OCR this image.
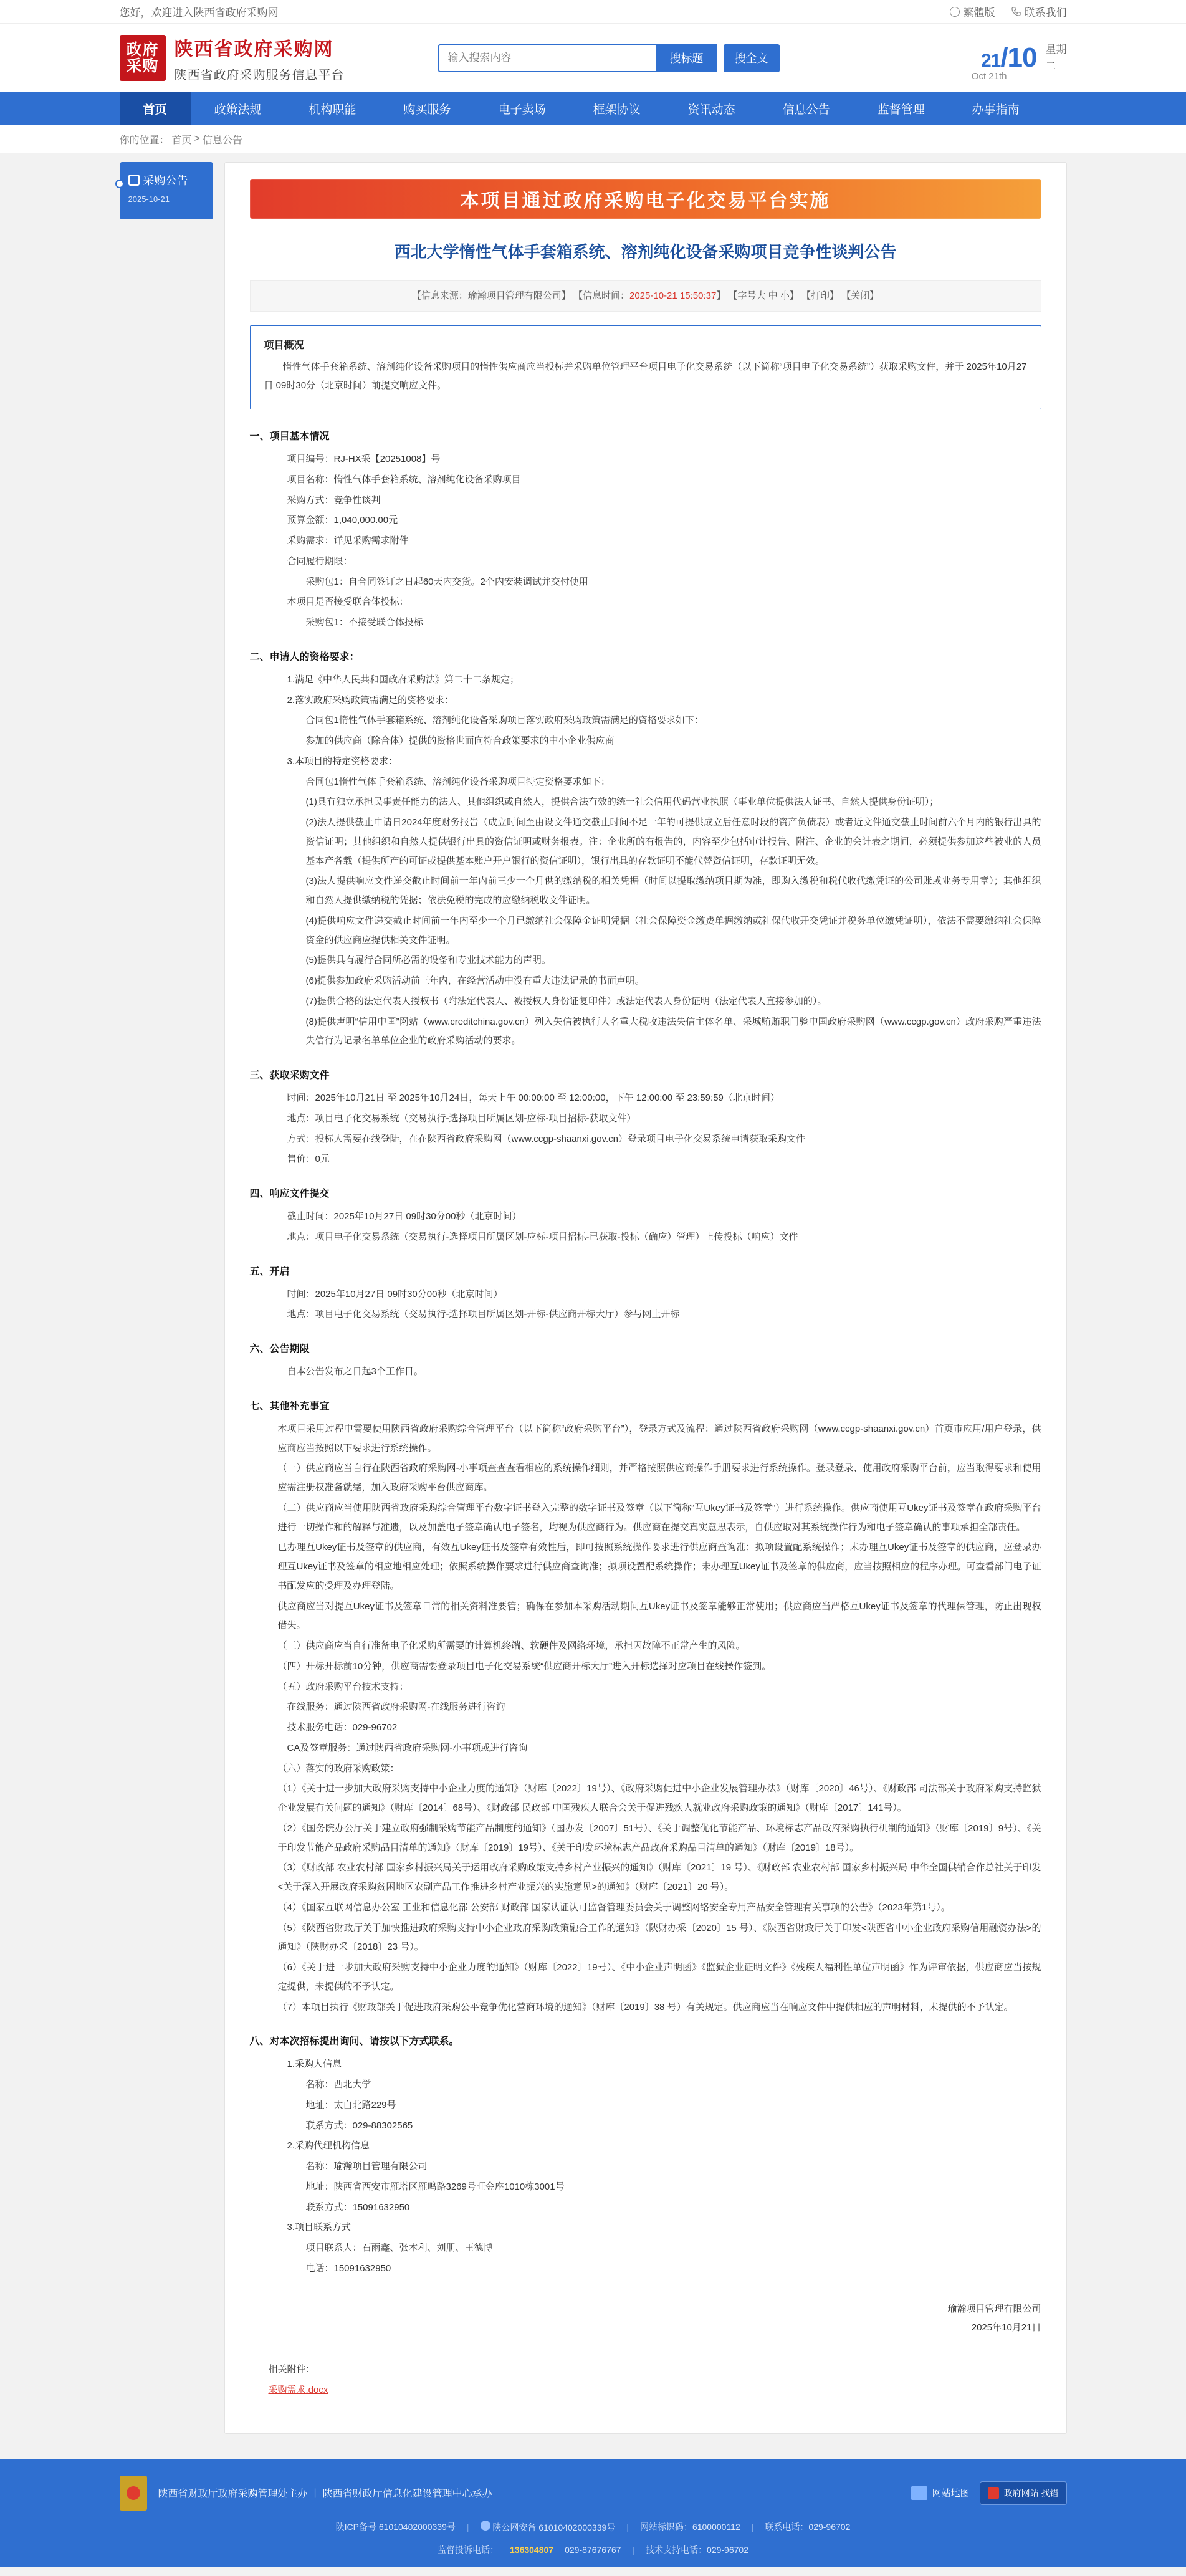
您好，欢迎进入陕西省政府采购网	繁體版	联系我们
政府
采购
陕西省政府采购网
陕西省政府采购服务信息平台
输入搜索内容
搜标题	搜全文	21/10 星期
二
Oct 21th
首页	政策法规	机构职能	购买服务	电子卖场	框架协议	资讯动态	信息公告	监督管理	办事指南
你的位置： 首页 > 信息公告
采购公告
2025-10-21	本项目通过政府采购电子化交易平台实施
西北大学惰性气体手套箱系统、溶剂纯化设备采购项目竞争性谈判公告
【信息来源：瑜瀚项目管理有限公司】 【信息时间：2025-10-21 15:50:37】 【字号大 中 小】 【打印】 【关闭】
项目概况

惰性气体手套箱系统、溶剂纯化设备采购项目的惰性供应商应当投标并采购单位管理平台项目电子化交易系统（以下简称“项目电子化交易系统”）获取采购文件，并于 2025年10月27日 09时30分（北京时间）前提交响应文件。

一、项目基本情况

项目编号：RJ-HX采【20251008】号

项目名称：惰性气体手套箱系统、溶剂纯化设备采购项目

采购方式：竞争性谈判

预算金额：1,040,000.00元

采购需求：详见采购需求附件

合同履行期限：

采购包1：自合同签订之日起60天内交货。2个内安装调试并交付使用

本项目是否接受联合体投标：

采购包1：不接受联合体投标

二、申请人的资格要求：

1.满足《中华人民共和国政府采购法》第二十二条规定；

2.落实政府采购政策需满足的资格要求：

合同包1惰性气体手套箱系统、溶剂纯化设备采购项目落实政府采购政策需满足的资格要求如下：

参加的供应商（除合体）提供的资格世面向符合政策要求的中小企业供应商

3.本项目的特定资格要求：

合同包1惰性气体手套箱系统、溶剂纯化设备采购项目特定资格要求如下：

(1)具有独立承担民事责任能力的法人、其他组织或自然人，提供合法有效的统一社会信用代码营业执照（事业单位提供法人证书、自然人提供身份证明）；

(2)法人提供截止申请日2024年度财务报告（成立时间至由设文件通交截止时间不足一年的可提供成立后任意时段的资产负债表）或者近文件通交截止时间前六个月内的银行出具的资信证明；其他组织和自然人提供银行出具的资信证明或财务报表。注：企业所的有报告的，内容至少包括审计报告、附注、企业的会计表之期间，必须提供参加这些被业的人员基本产各载（提供所产的可证或提供基本账户开户银行的资信证明），银行出具的存款证明不能代替资信证明，存款证明无效。

(3)法人提供响应文件递交截止时间前一年内前三少一个月供的缴纳税的相关凭据（时间以提取缴纳项目期为准，即购入缴税和税代收代缴凭证的公司账或业务专用章）；其他组织和自然人提供缴纳税的凭据；依法免税的完成的应缴纳税收文件证明。

(4)提供响应文件递交截止时间前一年内至少一个月已缴纳社会保障金证明凭据（社会保障资金缴费单据缴纳或社保代收开交凭证并税务单位缴凭证明），依法不需要缴纳社会保障资金的供应商应提供相关文件证明。

(5)提供具有履行合同所必需的设备和专业技术能力的声明。

(6)提供参加政府采购活动前三年内，在经营活动中没有重大违法记录的书面声明。

(7)提供合格的法定代表人授权书（附法定代表人、被授权人身份证复印件）或法定代表人身份证明（法定代表人直接参加的）。

(8)提供声明“信用中国”网站（www.creditchina.gov.cn）列入失信被执行人名重大税收违法失信主体名单、采城贿贿职门验中国政府采购网（www.ccgp.gov.cn）政府采购严重违法失信行为记录名单单位企业的政府采购活动的要求。

三、获取采购文件

时间：2025年10月21日 至 2025年10月24日，每天上午 00:00:00 至 12:00:00，下午 12:00:00 至 23:59:59（北京时间）

地点：项目电子化交易系统（交易执行-选择项目所属区划-应标-项目招标-获取文件）

方式：投标人需要在线登陆，在在陕西省政府采购网（www.ccgp-shaanxi.gov.cn）登录项目电子化交易系统申请获取采购文件

售价：0元

四、响应文件提交

截止时间：2025年10月27日 09时30分00秒（北京时间）

地点：项目电子化交易系统（交易执行-选择项目所属区划-应标-项目招标-已获取-投标（确应）管理）上传投标（响应）文件

五、开启

时间：2025年10月27日 09时30分00秒（北京时间）

地点：项目电子化交易系统（交易执行-选择项目所属区划-开标-供应商开标大厅）参与网上开标

六、公告期限

自本公告发布之日起3个工作日。

七、其他补充事宜

本项目采用过程中需要使用陕西省政府采购综合管理平台（以下简称“政府采购平台”），登录方式及流程：通过陕西省政府采购网（www.ccgp-shaanxi.gov.cn）首页市应用/用户登录，供应商应当按照以下要求进行系统操作。

（一）供应商应当自行在陕西省政府采购网-小事项查查查看相应的系统操作细则，并严格按照供应商操作手册要求进行系统操作。登录登录、使用政府采购平台前，应当取得要求和使用应需注册权准备就绪，加入政府采购平台供应商库。

（二）供应商应当使用陕西省政府采购综合管理平台数字证书登入完整的数字证书及签章（以下简称“互Ukey证书及签章”）进行系统操作。供应商使用互Ukey证书及签章在政府采购平台进行一切操作和的解释与准遗，以及加盖电子签章确认电子签名，均视为供应商行为。供应商在提交真实意思表示，自供应取对其系统操作行为和电子签章确认的事项承担全部责任。

已办理互Ukey证书及签章的供应商，有效互Ukey证书及签章有效性后，即可按照系统操作要求进行供应商查询准；拟项设置配系统操作；未办理互Ukey证书及签章的供应商，应登录办理互Ukey证书及签章的相应地相应处理；依照系统操作要求进行供应商查询准；拟项设置配系统操作；未办理互Ukey证书及签章的供应商，应当按照相应的程序办理。可查看部门电子证书配发应的受理及办理登陆。

供应商应当对提互Ukey证书及签章日常的相关资料准要管；确保在参加本采购活动期间互Ukey证书及签章能够正常使用；供应商应当严格互Ukey证书及签章的代理保管理，防止出现权借失。

（三）供应商应当自行准备电子化采购所需要的计算机终端、软硬件及网络环境，承担因故障不正常产生的风险。

（四）开标开标前10分钟，供应商需要登录项目电子化交易系统“供应商开标大厅”进入开标选择对应项目在线操作签到。

（五）政府采购平台技术支持：

在线服务：通过陕西省政府采购网-在线服务进行咨询

技术服务电话：029-96702

CA及签章服务：通过陕西省政府采购网-小事项或进行咨询

（六）落实的政府采购政策：

（1）《关于进一步加大政府采购支持中小企业力度的通知》（财库〔2022〕19号）、《政府采购促进中小企业发展管理办法》（财库〔2020〕46号）、《财政部 司法部关于政府采购支持监狱企业发展有关问题的通知》（财库〔2014〕68号）、《财政部 民政部 中国残疾人联合会关于促进残疾人就业政府采购政策的通知》（财库〔2017〕141号）。

（2）《国务院办公厅关于建立政府强制采购节能产品制度的通知》（国办发〔2007〕51号）、《关于调整优化节能产品、环境标志产品政府采购执行机制的通知》（财库〔2019〕9号）、《关于印发节能产品政府采购品目清单的通知》（财库〔2019〕19号）、《关于印发环境标志产品政府采购品目清单的通知》（财库〔2019〕18号）。

（3）《财政部 农业农村部 国家乡村振兴局关于运用政府采购政策支持乡村产业振兴的通知》（财库〔2021〕19 号）、《财政部 农业农村部 国家乡村振兴局 中华全国供销合作总社关于印发<关于深入开展政府采购贫困地区农副产品工作推进乡村产业振兴的实施意见>的通知》（财库〔2021〕20 号）。

（4）《国家互联网信息办公室 工业和信息化部 公安部 财政部 国家认证认可监督管理委员会关于调整网络安全专用产品安全管理有关事项的公告》（2023年第1号）。

（5）《陕西省财政厅关于加快推进政府采购支持中小企业政府采购政策融合工作的通知》（陕财办采〔2020〕15 号）、《陕西省财政厅关于印发<陕西省中小企业政府采购信用融资办法>的通知》（陕财办采〔2018〕23 号）。

（6）《关于进一步加大政府采购支持中小企业力度的通知》（财库〔2022〕19号）、《中小企业声明函》《监狱企业证明文件》《残疾人福利性单位声明函》作为评审依据，供应商应当按规定提供，未提供的不予认定。

（7）本项目执行《财政部关于促进政府采购公平竞争优化营商环境的通知》（财库〔2019〕38 号）有关规定。供应商应当在响应文件中提供相应的声明材料，未提供的不予认定。

八、对本次招标提出询问、请按以下方式联系。

1.采购人信息

名称：西北大学

地址：太白北路229号

联系方式：029-88302565

2.采购代理机构信息

名称：瑜瀚项目管理有限公司

地址：陕西省西安市雁塔区雁鸣路3269号旺金座1010栋3001号

联系方式：15091632950

3.项目联系方式

项目联系人：石雨鑫、张本利、刘朋、王德博

电话：15091632950

瑜瀚项目管理有限公司
2025年10月21日
相关附件：
采购需求.docx
陕西省财政厅政府采购管理处主办 | 陕西省财政厅信息化建设管理中心承办	网站地图	政府网站 找错
陕ICP备号 61010402000339号 |	陕公网安备 61010402000339号 | 网站标识码：6100000112 | 联系电话：029-96702
监督投诉电话： 136304807 029-87676767 | 技术支持电话：029-96702
